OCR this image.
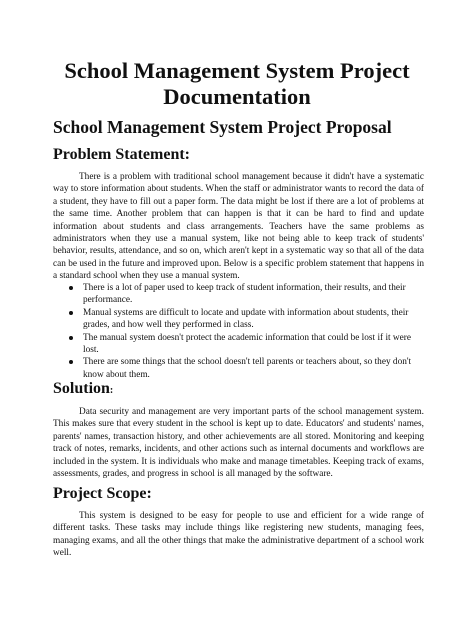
School Management System Project Documentation
School Management System Project Proposal
Problem Statement:

There is a problem with traditional school management because it didn't have a systematic way to store information about students. When the staff or administrator wants to record the data of a student, they have to fill out a paper form. The data might be lost if there are a lot of problems at the same time. Another problem that can happen is that it can be hard to find and update information about students and class arrangements. Teachers have the same problems as administrators when they use a manual system, like not being able to keep track of students' behavior, results, attendance, and so on, which aren't kept in a systematic way so that all of the data can be used in the future and improved upon. Below is a specific problem statement that happens in a standard school when they use a manual system.

There is a lot of paper used to keep track of student information, their results, and their performance.
Manual systems are difficult to locate and update with information about students, their grades, and how well they performed in class.
The manual system doesn't protect the academic information that could be lost if it were lost.
There are some things that the school doesn't tell parents or teachers about, so they don't know about them.
Solution:

Data security and management are very important parts of the school management system. This makes sure that every student in the school is kept up to date. Educators' and students' names, parents' names, transaction history, and other achievements are all stored. Monitoring and keeping track of notes, remarks, incidents, and other actions such as internal documents and workflows are included in the system. It is individuals who make and manage timetables. Keeping track of exams, assessments, grades, and progress in school is all managed by the software.

Project Scope:

This system is designed to be easy for people to use and efficient for a wide range of different tasks. These tasks may include things like registering new students, managing fees, managing exams, and all the other things that make the administrative department of a school work well.
